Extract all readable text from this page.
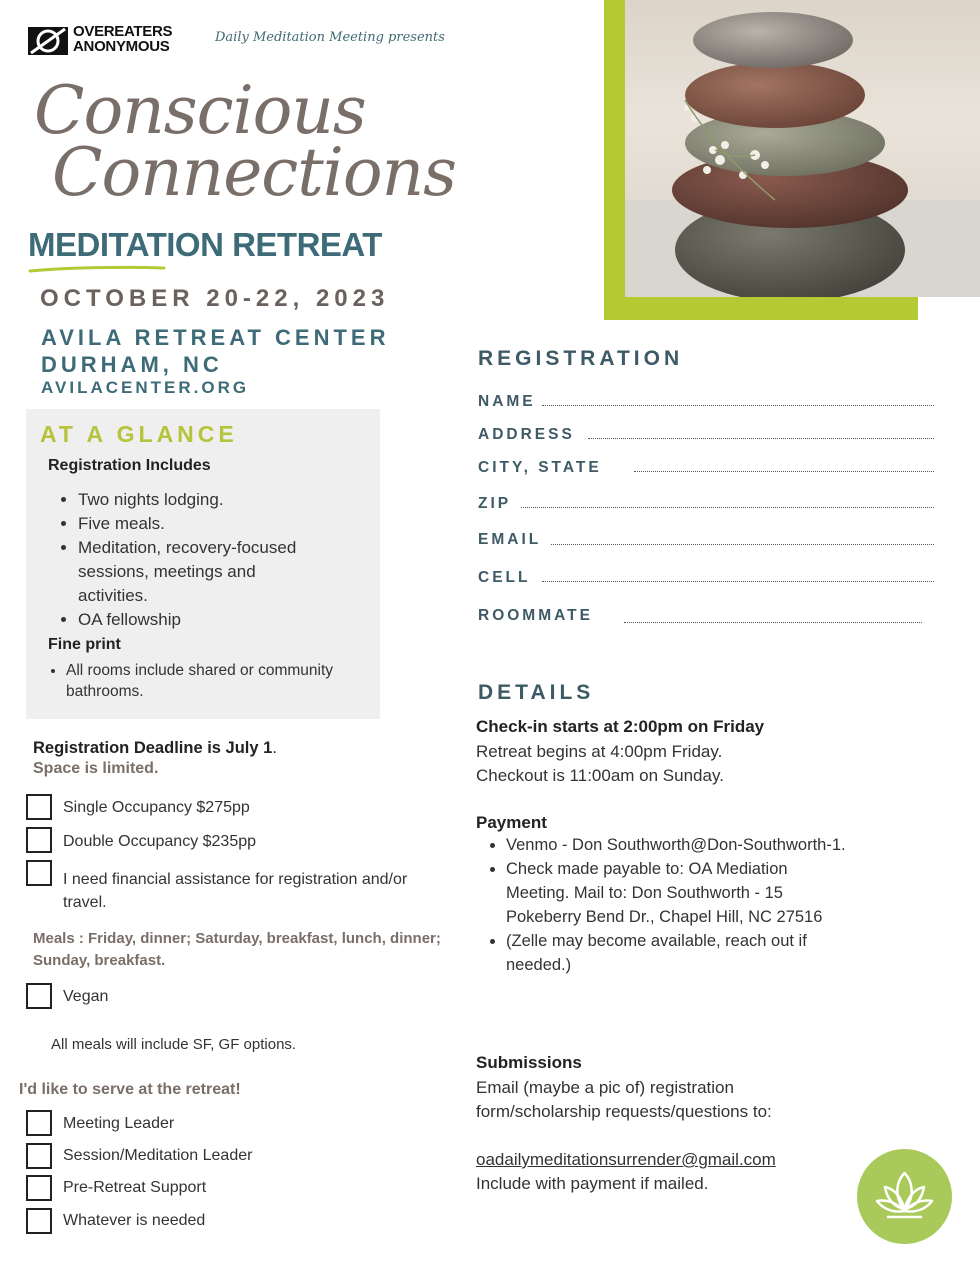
OVEREATERS
ANONYMOUS
Daily Meditation Meeting presents
Conscious
Connections
MEDITATION RETREAT
OCTOBER 20-22, 2023
AVILA RETREAT CENTER
DURHAM, NC
AVILACENTER.ORG
AT A GLANCE
Registration Includes
• Two nights lodging.
• Five meals.
• Meditation, recovery-focused sessions, meetings and activities.
• OA fellowship
Fine print
• All rooms include shared or community bathrooms.
Registration Deadline is July 1.
Space is limited.
Single Occupancy $275pp
Double Occupancy $235pp
I need financial assistance for registration and/or travel.
Meals : Friday, dinner; Saturday, breakfast, lunch, dinner; Sunday, breakfast.
Vegan
All meals will include SF, GF options.
I'd like to serve at the retreat!
Meeting Leader
Session/Meditation Leader
Pre-Retreat Support
Whatever is needed
REGISTRATION
NAME
ADDRESS
CITY, STATE
ZIP
EMAIL
CELL
ROOMMATE
DETAILS
Check-in starts at 2:00pm on Friday
Retreat begins at 4:00pm Friday.
Checkout is 11:00am on Sunday.
Payment
• Venmo - Don Southworth@Don-Southworth-1.
• Check made payable to: OA Mediation Meeting. Mail to: Don Southworth - 15 Pokeberry Bend Dr., Chapel Hill, NC 27516
• (Zelle may become available, reach out if needed.)
Submissions
Email (maybe a pic of) registration form/scholarship requests/questions to:
oadailymeditationsurrender@gmail.com
Include with payment if mailed.
